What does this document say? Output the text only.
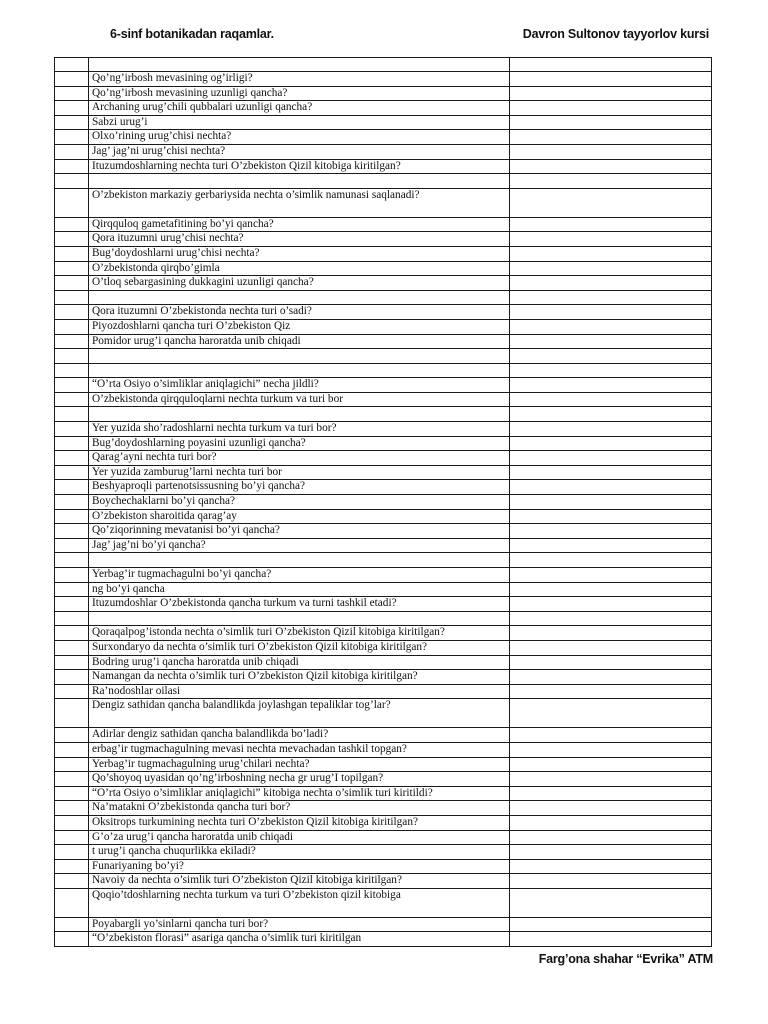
6-sinf botanikadan raqamlar.	Davron Sultonov tayyorlov kursi

	Qo’ng’irbosh mevasining og’irligi?	
	Qo’ng’irbosh mevasining uzunligi qancha?	
	Archaning urug’chili qubbalari uzunligi qancha?	
	Sabzi urug’i	
	Olxo’rining urug’chisi nechta?	
	Jag’ jag’ni urug’chisi nechta?	
	Ituzumdoshlarning nechta turi O’zbekiston Qizil kitobiga kiritilgan?	

	O’zbekiston markaziy gerbariysida nechta o’simlik namunasi saqlanadi?	
	Qirqquloq gametafitining bo’yi qancha?	
	Qora ituzumni urug’chisi nechta?	
	Bug’doydoshlarni urug’chisi nechta?	
	O’zbekistonda qirqbo’gimla	
	O’tloq sebargasining dukkagini uzunligi qancha?	

	Qora ituzumni O’zbekistonda nechta turi o’sadi?	
	Piyozdoshlarni qancha turi O’zbekiston Qiz	
	Pomidor urug’i qancha haroratda unib chiqadi	

	“O’rta Osiyo o’simliklar aniqlagichi” necha jildli?	
	O’zbekistonda qirqquloqlarni nechta turkum va turi bor	

	Yer yuzida sho’radoshlarni nechta turkum va turi bor?	
	Bug’doydoshlarning poyasini uzunligi qancha?	
	Qarag’ayni nechta turi bor?	
	Yer yuzida zamburug’larni nechta turi bor	
	Beshyaproqli partenotsissusning bo’yi qancha?	
	Boychechaklarni bo’yi qancha?	
	O’zbekiston sharoitida qarag’ay	
	Qo’ziqorinning mevatanisi bo’yi qancha?	
	Jag’ jag’ni bo’yi qancha?	

	Yerbag’ir tugmachagulni bo’yi qancha?	
	ng bo’yi qancha	
	Ituzumdoshlar O’zbekistonda qancha turkum va turni tashkil etadi?	

	Qoraqalpog’istonda nechta o’simlik turi O’zbekiston Qizil kitobiga kiritilgan?	
	Surxondaryo da nechta o’simlik turi O’zbekiston Qizil kitobiga kiritilgan?	
	Bodring urug’i qancha haroratda unib chiqadi	
	Namangan da nechta o’simlik turi O’zbekiston Qizil kitobiga kiritilgan?	
	Ra’nodoshlar oilasi	
	Dengiz sathidan qancha balandlikda joylashgan tepaliklar tog’lar?	
	Adirlar dengiz sathidan qancha balandlikda bo’ladi?	
	erbag’ir tugmachagulning mevasi nechta mevachadan tashkil topgan?	
	Yerbag’ir tugmachagulning urug’chilari nechta?	
	Qo’shoyoq uyasidan qo’ng’irboshning necha gr urug’I topilgan?	
	“O’rta Osiyo o’simliklar aniqlagichi” kitobiga nechta o’simlik turi kiritildi?	
	Na’matakni O’zbekistonda qancha turi bor?	
	Oksitrops turkumining nechta turi O’zbekiston Qizil kitobiga kiritilgan?	
	G’o’za urug’i qancha haroratda unib chiqadi	
	t urug’i qancha chuqurlikka ekiladi?	
	Funariyaning bo’yi?	
	Navoiy da nechta o’simlik turi O’zbekiston Qizil kitobiga kiritilgan?	
	Qoqio’tdoshlarning nechta turkum va turi O’zbekiston qizil kitobiga	
	Poyabargli yo’sinlarni qancha turi bor?	
	“O’zbekiston florasi” asariga qancha o’simlik turi kiritilgan	
Farg’ona shahar “Evrika” ATM
